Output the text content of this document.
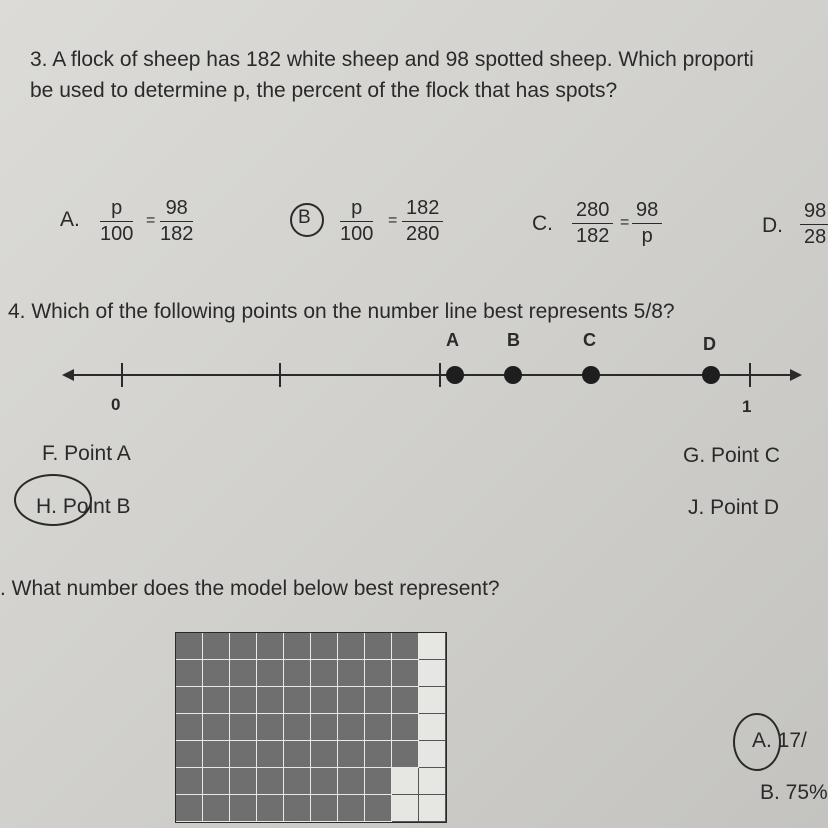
3. A flock of sheep has 182 white sheep and 98 spotted sheep. Which proporti
be used to determine p, the percent of the flock that has spots?
A. $\frac{p}{100} = \frac{98}{182}$	B $\frac{p}{100} = \frac{182}{280}$	C. $\frac{280}{182} = \frac{98}{p}$	D. $\frac{98}{28}$
4. Which of the following points on the number line best represents 5/8?
A	B	C	D
0	1
F. Point A	G. Point C
H. Point B	J. Point D
. What number does the model below best represent?
A. 17/
B. 75%
